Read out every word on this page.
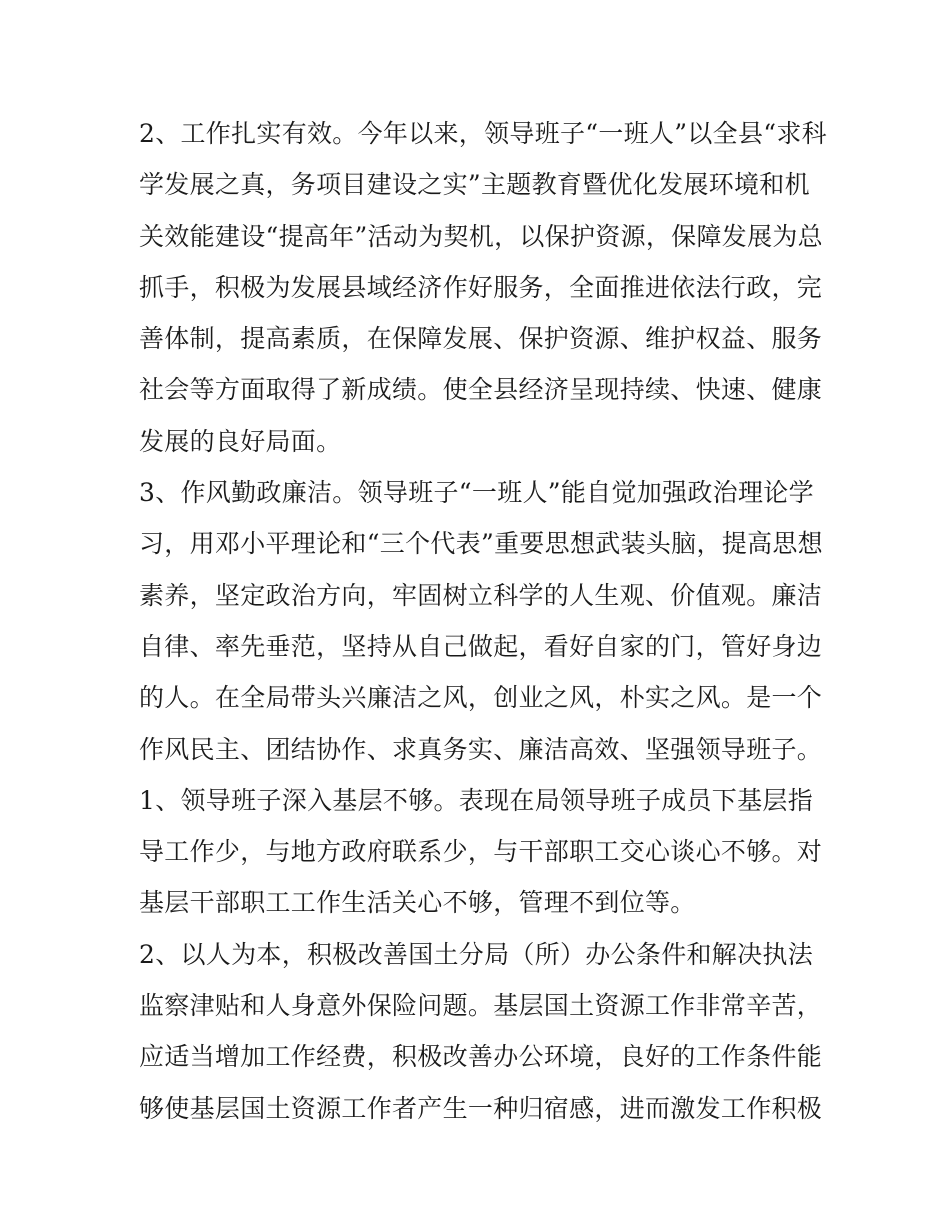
2、工作扎实有效。今年以来，领导班子“一班人”以全县“求科
学发展之真，务项目建设之实”主题教育暨优化发展环境和机
关效能建设“提高年”活动为契机，以保护资源，保障发展为总
抓手，积极为发展县域经济作好服务，全面推进依法行政，完
善体制，提高素质，在保障发展、保护资源、维护权益、服务
社会等方面取得了新成绩。使全县经济呈现持续、快速、健康
发展的良好局面。
3、作风勤政廉洁。领导班子“一班人”能自觉加强政治理论学
习，用邓小平理论和“三个代表”重要思想武装头脑，提高思想
素养，坚定政治方向，牢固树立科学的人生观、价值观。廉洁
自律、率先垂范，坚持从自己做起，看好自家的门，管好身边
的人。在全局带头兴廉洁之风，创业之风，朴实之风。是一个
作风民主、团结协作、求真务实、廉洁高效、坚强领导班子。
1、领导班子深入基层不够。表现在局领导班子成员下基层指
导工作少，与地方政府联系少，与干部职工交心谈心不够。对
基层干部职工工作生活关心不够，管理不到位等。
2、以人为本，积极改善国土分局（所）办公条件和解决执法
监察津贴和人身意外保险问题。基层国土资源工作非常辛苦，
应适当增加工作经费，积极改善办公环境，良好的工作条件能
够使基层国土资源工作者产生一种归宿感，进而激发工作积极
